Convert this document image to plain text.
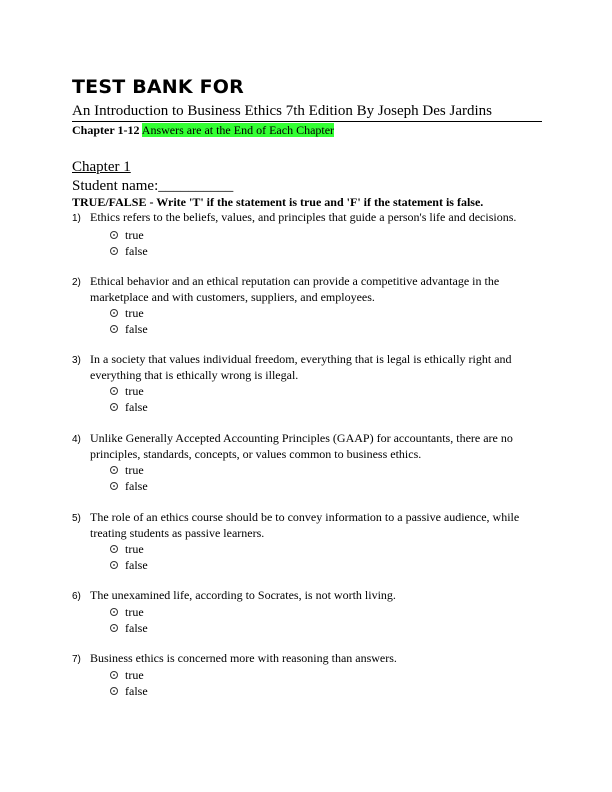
TEST BANK FOR
An Introduction to Business Ethics 7th Edition By Joseph Des Jardins
Chapter 1-12 Answers are at the End of Each Chapter
Chapter 1
Student name:__________
TRUE/FALSE - Write 'T' if the statement is true and 'F' if the statement is false.
1) Ethics refers to the beliefs, values, and principles that guide a person's life and decisions.
true
false
2) Ethical behavior and an ethical reputation can provide a competitive advantage in the marketplace and with customers, suppliers, and employees.
true
false
3) In a society that values individual freedom, everything that is legal is ethically right and everything that is ethically wrong is illegal.
true
false
4) Unlike Generally Accepted Accounting Principles (GAAP) for accountants, there are no principles, standards, concepts, or values common to business ethics.
true
false
5) The role of an ethics course should be to convey information to a passive audience, while treating students as passive learners.
true
false
6) The unexamined life, according to Socrates, is not worth living.
true
false
7) Business ethics is concerned more with reasoning than answers.
true
false
